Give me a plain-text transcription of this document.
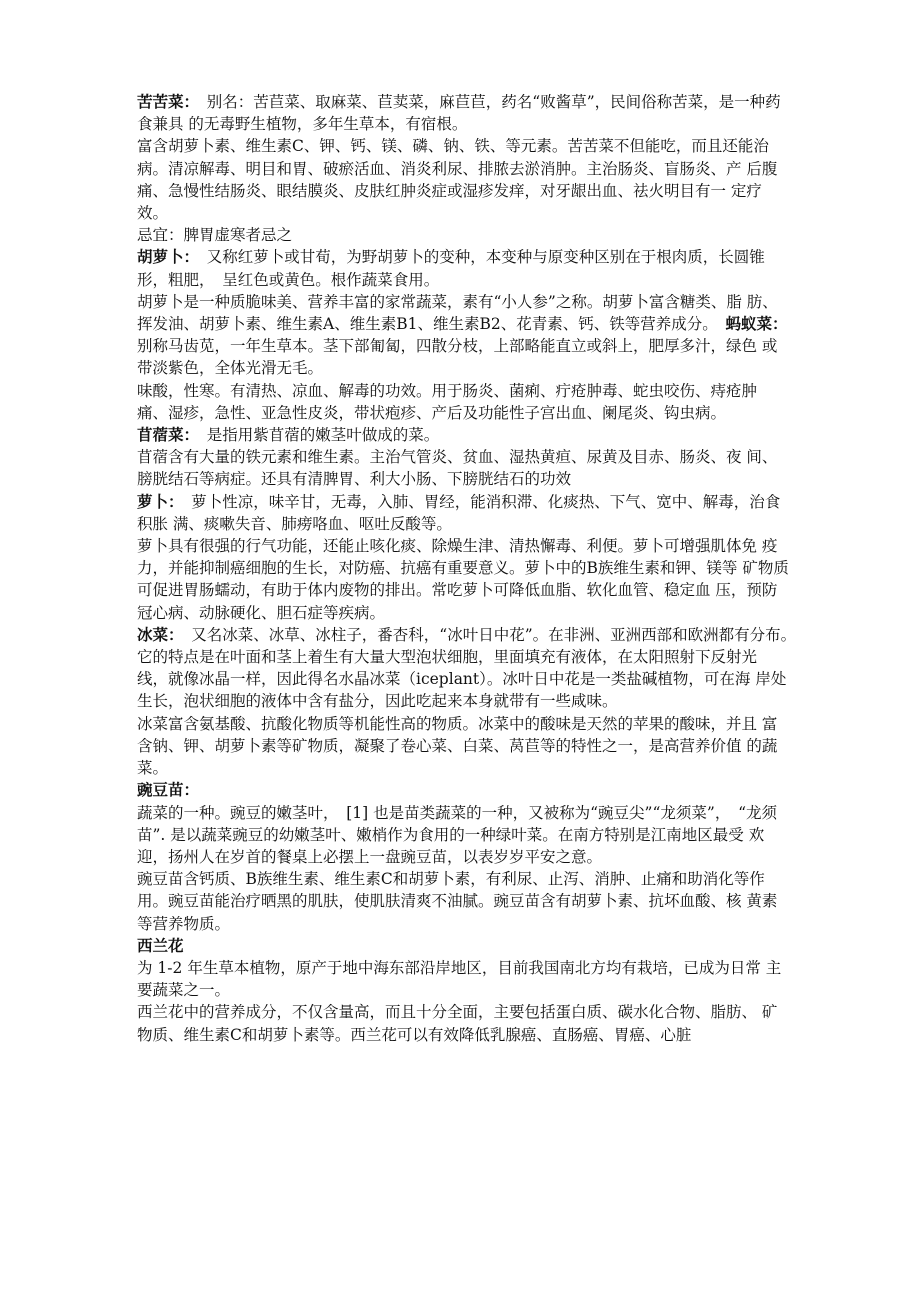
苦苦菜：　别名：苦苣菜、取麻菜、苣荬菜，麻苣苣，药名“败酱草”，民间俗称苦菜，是一种药食兼具 的无毒野生植物，多年生草本，有宿根。

富含胡萝卜素、维生素C、钾、钙、镁、磷、钠、铁、等元素。苦苦菜不但能吃，而且还能治病。清凉解毒、明目和胃、破瘀活血、消炎利尿、排脓去淤消肿。主治肠炎、盲肠炎、产 后腹痛、急慢性结肠炎、眼结膜炎、皮肤红肿炎症或湿疹发痒，对牙龈出血、祛火明目有一 定疗效。

忌宜：脾胃虚寒者忌之

胡萝卜：　又称红萝卜或甘荀，为野胡萝卜的变种，本变种与原变种区别在于根肉质，长圆锥形，粗肥，　呈红色或黄色。根作蔬菜食用。

胡萝卜是一种质脆味美、营养丰富的家常蔬菜，素有“小人参”之称。胡萝卜富含糖类、脂 肪、挥发油、胡萝卜素、维生素A、维生素B1、维生素B2、花青素、钙、铁等营养成分。　蚂蚁菜：

别称马齿苋，一年生草本。茎下部匍匐，四散分枝，上部略能直立或斜上，肥厚多汁，绿色 或带淡紫色，全体光滑无毛。

味酸，性寒。有清热、凉血、解毒的功效。用于肠炎、菌痢、疔疮肿毒、蛇虫咬伤、痔疮肿 痛、湿疹，急性、亚急性皮炎，带状疱疹、产后及功能性子宫出血、阑尾炎、钩虫病。

苜蓿菜：　是指用紫苜蓿的嫩茎叶做成的菜。

苜蓿含有大量的铁元素和维生素。主治气管炎、贫血、湿热黄疸、尿黄及目赤、肠炎、夜 间、 膀胱结石等病症。还具有清脾胃、利大小肠、下膀胱结石的功效

萝卜：　萝卜性凉，味辛甘，无毒，入肺、胃经，能消积滞、化痰热、下气、宽中、解毒，治食积胀 满、痰嗽失音、肺痨咯血、呕吐反酸等。

萝卜具有很强的行气功能，还能止咳化痰、除燥生津、清热懈毒、利便。萝卜可增强肌体免 疫力，并能抑制癌细胞的生长，对防癌、抗癌有重要意义。萝卜中的B族维生素和钾、镁等 矿物质可促进胃肠蠕动，有助于体内废物的排出。常吃萝卜可降低血脂、软化血管、稳定血 压，预防冠心病、动脉硬化、胆石症等疾病。

冰菜：　又名冰菜、冰草、冰柱子，番杏科，“冰叶日中花”。在非洲、亚洲西部和欧洲都有分布。　它的特点是在叶面和茎上着生有大量大型泡状细胞，里面填充有液体，在太阳照射下反射光 线，就像冰晶一样，因此得名水晶冰菜（iceplant）。冰叶日中花是一类盐碱植物，可在海 岸处生长，泡状细胞的液体中含有盐分，因此吃起来本身就带有一些咸味。

冰菜富含氨基酸、抗酸化物质等机能性高的物质。冰菜中的酸味是天然的苹果的酸味，并且 富含钠、钾、胡萝卜素等矿物质，凝聚了卷心菜、白菜、莴苣等的特性之一，是高营养价值 的蔬菜。

豌豆苗：

蔬菜的一种。豌豆的嫩茎叶，　[1] 也是苗类蔬菜的一种，又被称为“豌豆尖”“龙须菜”，　“龙须 苗”. 是以蔬菜豌豆的幼嫩茎叶、嫩梢作为食用的一种绿叶菜。在南方特别是江南地区最受 欢迎，扬州人在岁首的餐桌上必摆上一盘豌豆苗，以表岁岁平安之意。

豌豆苗含钙质、B族维生素、维生素C和胡萝卜素，有利尿、止泻、消肿、止痛和助消化等作用。豌豆苗能治疗晒黑的肌肤，使肌肤清爽不油腻。豌豆苗含有胡萝卜素、抗坏血酸、核 黄素等营养物质。

西兰花

为 1-2 年生草本植物，原产于地中海东部沿岸地区，目前我国南北方均有栽培，已成为日常 主要蔬菜之一。

西兰花中的营养成分，不仅含量高，而且十分全面，主要包括蛋白质、碳水化合物、脂肪、 矿物质、维生素C和胡萝卜素等。西兰花可以有效降低乳腺癌、直肠癌、胃癌、心脏
